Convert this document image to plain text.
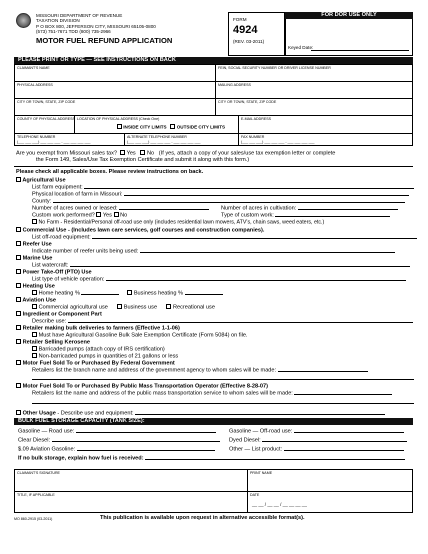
MISSOURI DEPARTMENT OF REVENUE
TAXATION DIVISION
P O BOX 800, JEFFERSON CITY, MISSOURI 65105-0800
(573) 751-7671 TDD (800) 735-2966
MOTOR FUEL REFUND APPLICATION
FORM
4924
(REV. 03-2011)
FOR DOR USE ONLY
Keyed Date:
PLEASE PRINT OR TYPE — SEE INSTRUCTIONS ON BACK
CLAIMANT'S NAME	FEIN, SOCIAL SECURITY NUMBER OR DRIVER LICENSE NUMBER
PHYSICAL ADDRESS	MAILING ADDRESS
CITY OR TOWN, STATE, ZIP CODE	CITY OR TOWN, STATE, ZIP CODE
COUNTY OF PHYSICAL ADDRESS LOCATION OF PHYSICAL ADDRESS (Check One)
INSIDE CITY LIMITS OUTSIDE CITY LIMITS
E-MAIL ADDRESS
TELEPHONE NUMBER
(___ ___ ___) ___ ___ ___ - ___ ___ ___ ___
ALTERNATE TELEPHONE NUMBER
(___ ___ ___) ___ ___ ___ - ___ ___ ___ ___
FAX NUMBER
(___ ___ ___) ___ ___ ___ - ___ ___ ___ ___
Are you exempt from Missouri sales tax? Yes No (If yes, attach a copy of your sales/use tax exemption letter or complete
the Form 149, Sales/Use Tax Exemption Certificate and submit it along with this form.)
Please check all applicable boxes. Please review instructions on back.
Agricultural Use
List farm equipment:
Physical location of farm in Missouri:
County:
Number of acres owned or leased:	Number of acres in cultivation:
Custom work performed? Yes No	Type of custom work:
No Farm - Residential/Personal off-road use only (includes residential lawn mowers, ATV's, chain saws, weed eaters, etc.)
Commercial Use - (Includes lawn care services, golf courses and construction companies).
List off-road equipment:
Reefer Use
Indicate number of reefer units being used:
Marine Use
List watercraft:
Power Take-Off (PTO) Use
List type of vehicle operation:
Heating Use
Home heating %	Business heating %
Aviation Use
Commercial agricultural use	Business use	Recreational use
Ingredient or Component Part
Describe use:
Retailer making bulk deliveries to farmers (Effective 1-1-06)
Must have Agricultural Gasoline Bulk Sale Exemption Certificate (Form 5084) on file.
Retailer Selling Kerosene
Barricaded pumps (attach copy of IRS certification)
Non-barricaded pumps in quantities of 21 gallons or less
Motor Fuel Sold To or Purchased By Federal Government
Retailers list the branch name and address of the government agency to whom sales will be made:
Motor Fuel Sold To or Purchased By Public Mass Transportation Operator (Effective 8-28-07)
Retailers list the name and address of the public mass transportation service to whom sales will be made:
Other Usage - Describe use and equipment:
BULK FUEL STORAGE CAPACITY (TANK SIZE):
Gasoline — Road use:	Gasoline — Off-road use:
Clear Diesel:	Dyed Diesel:
$.09 Aviation Gasoline:	Other — List product:
If no bulk storage, explain how fuel is received:
CLAIMANT'S SIGNATURE	PRINT NAME
TITLE, IF APPLICABLE	DATE
__ __ / __ __ / __ __ __ __
MO 860-2915 (03-2011)	This publication is available upon request in alternative accessible format(s).
